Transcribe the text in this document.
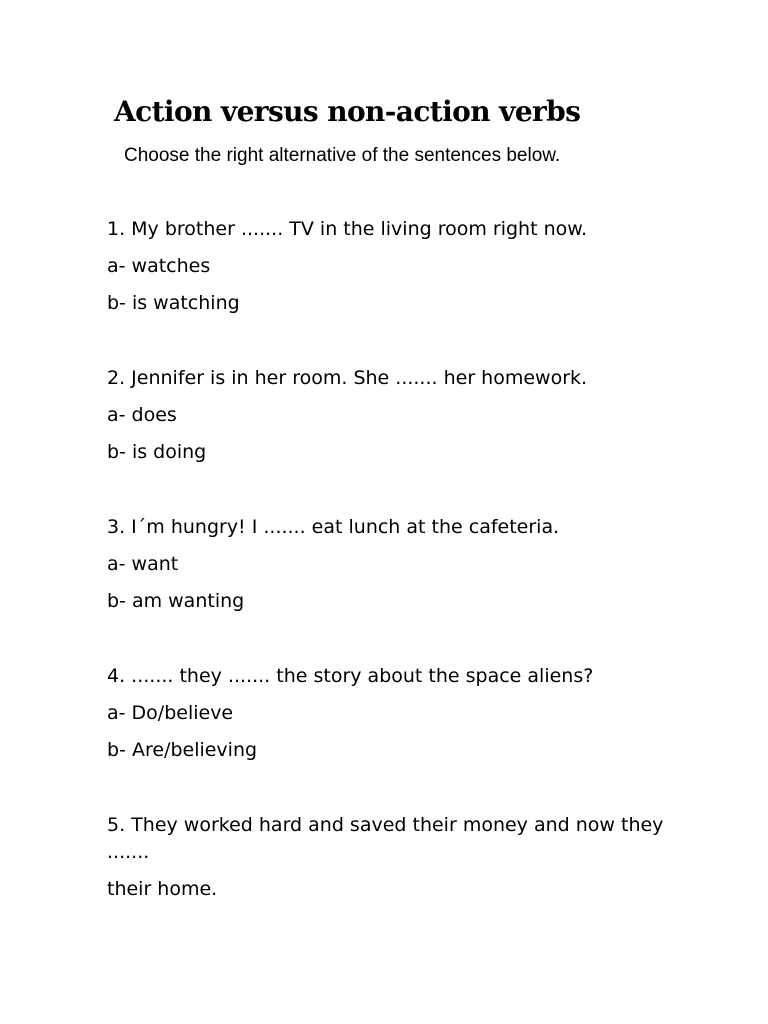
Action versus non-action verbs

Choose the right alternative of the sentences below.

1. My brother ....... TV in the living room right now.

a- watches

b- is watching

2. Jennifer is in her room. She ....... her homework.

a- does

b- is doing

3. I´m hungry! I ....... eat lunch at the cafeteria.

a- want

b- am wanting

4. ....... they ....... the story about the space aliens?

a- Do/believe

b- Are/believing

5. They worked hard and saved their money and now they .......

their home.
